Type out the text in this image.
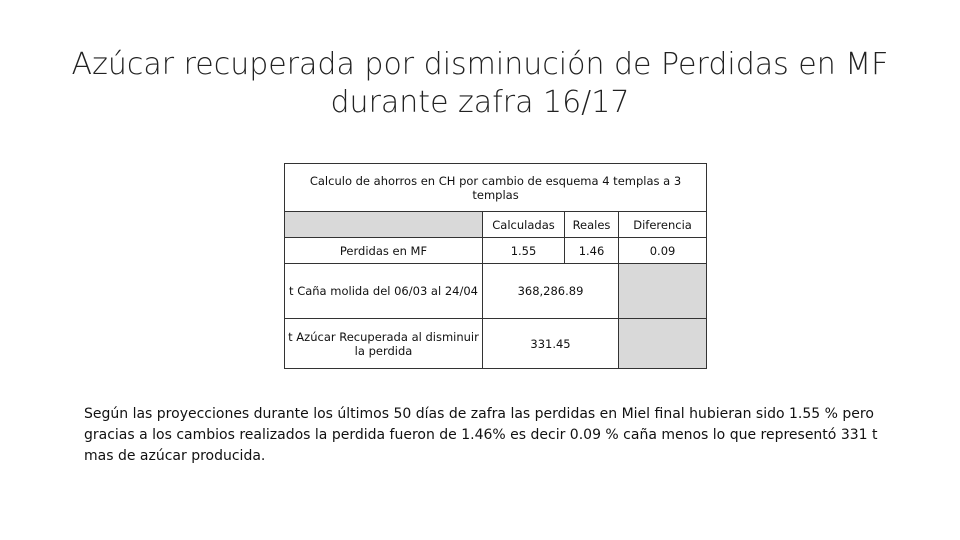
Azúcar recuperada por disminución de Perdidas en MF
durante zafra 16/17
Calculo de ahorros en CH por cambio de esquema 4 templas a 3 templas			
	Calculadas	Reales	Diferencia
Perdidas en MF	1.55	1.46	0.09
t Caña molida del 06/03 al 24/04	368,286.89		
t Azúcar Recuperada al disminuir la perdida	331.45		
Según las proyecciones durante los últimos 50 días de zafra las perdidas en Miel final hubieran sido 1.55 % pero gracias a los cambios realizados la perdida fueron de 1.46% es decir 0.09 % caña menos lo que representó 331 t mas de azúcar producida.
